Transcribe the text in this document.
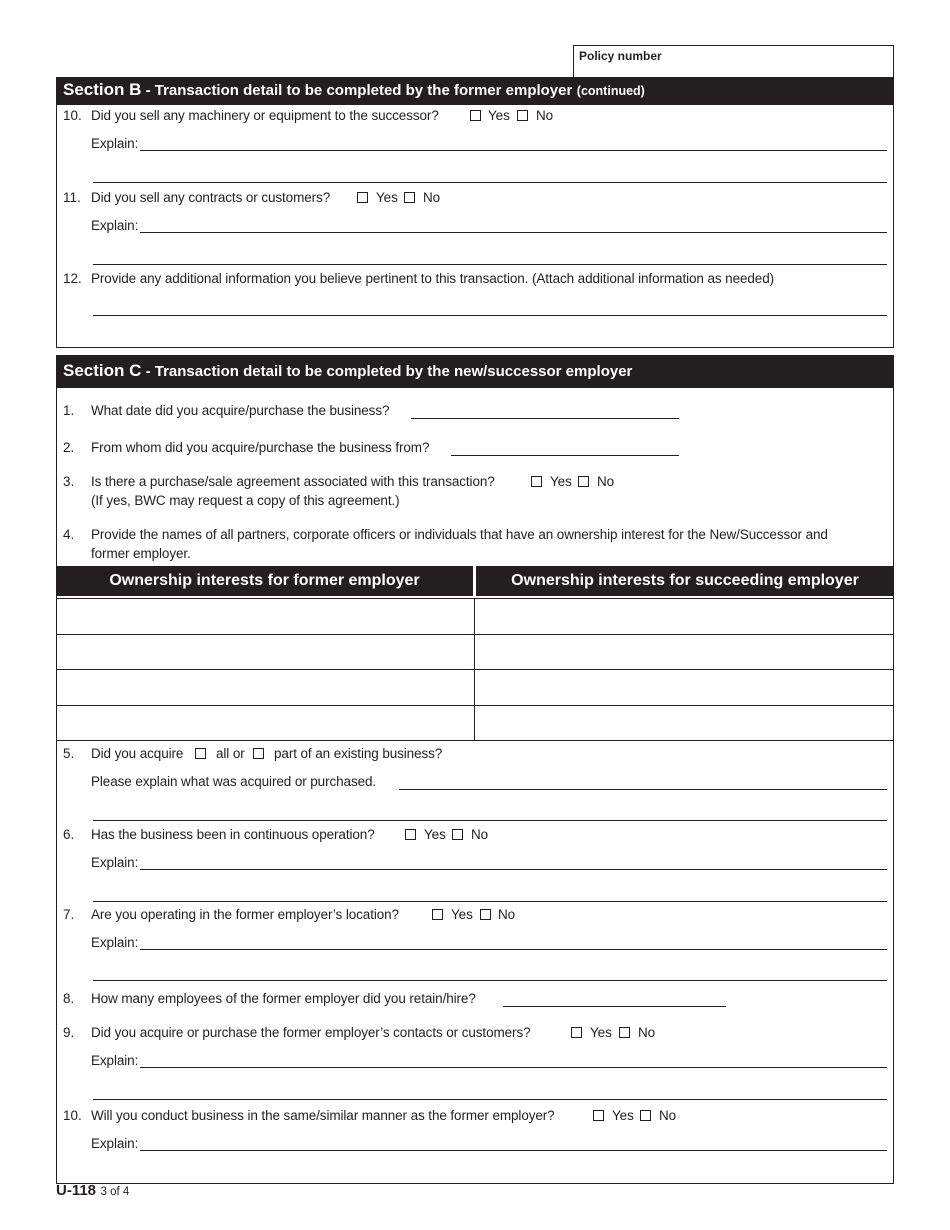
Policy number
Section B - Transaction detail to be completed by the former employer (continued)
10. Did you sell any machinery or equipment to the successor?	Yes No
Explain:
11. Did you sell any contracts or customers?	Yes No
Explain:
12. Provide any additional information you believe pertinent to this transaction. (Attach additional information as needed)
Section C - Transaction detail to be completed by the new/successor employer
1. What date did you acquire/purchase the business?
2. From whom did you acquire/purchase the business from?
3. Is there a purchase/sale agreement associated with this transaction?	Yes No
(If yes, BWC may request a copy of this agreement.)
4. Provide the names of all partners, corporate officers or individuals that have an ownership interest for the New/Successor and
former employer.
Ownership interests for former employer	Ownership interests for succeeding employer
5. Did you acquire all or part of an existing business?
Please explain what was acquired or purchased.
6. Has the business been in continuous operation?	Yes No
Explain:
7. Are you operating in the former employer’s location?	Yes No
Explain:
8. How many employees of the former employer did you retain/hire?
9. Did you acquire or purchase the former employer’s contacts or customers?	Yes No
Explain:
10. Will you conduct business in the same/similar manner as the former employer?	Yes No
Explain:
U-118 3 of 4
